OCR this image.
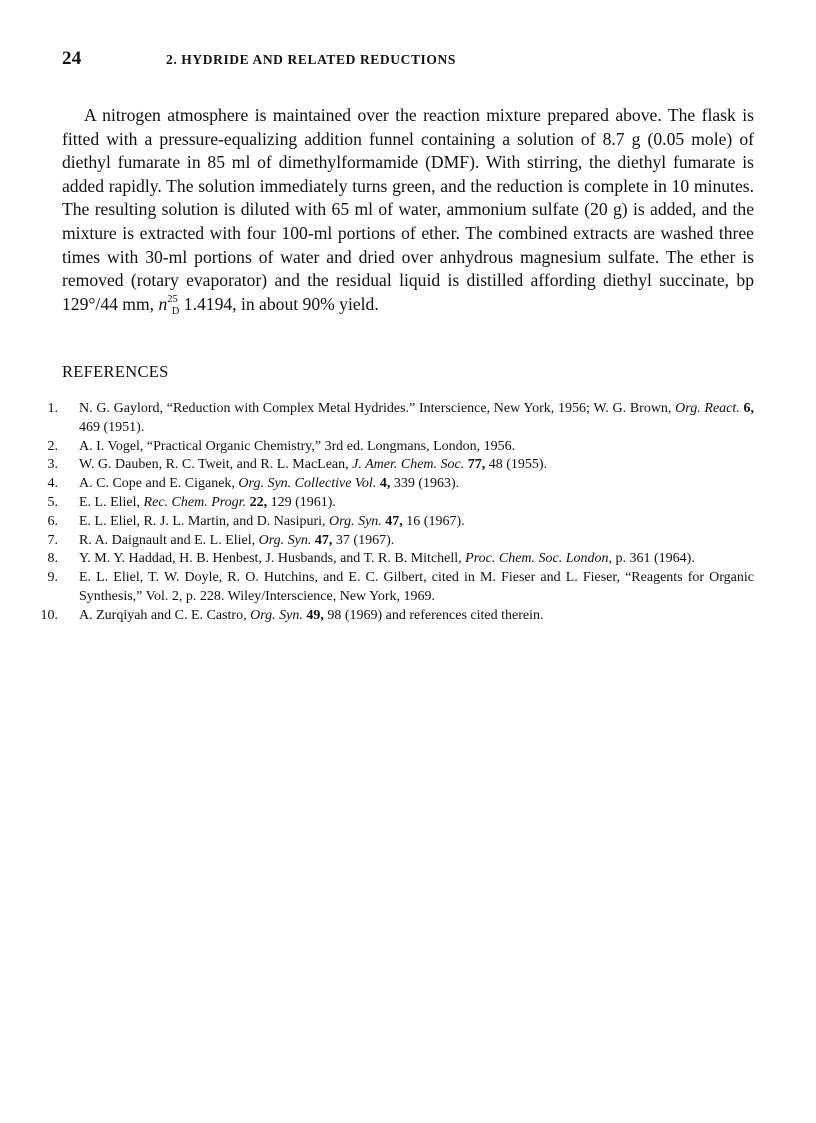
24	2. HYDRIDE AND RELATED REDUCTIONS

A nitrogen atmosphere is maintained over the reaction mixture prepared above. The flask is fitted with a pressure-equalizing addition funnel containing a solution of 8.7 g (0.05 mole) of diethyl fumarate in 85 ml of dimethylformamide (DMF). With stirring, the diethyl fumarate is added rapidly. The solution immediately turns green, and the reduction is complete in 10 minutes. The resulting solution is diluted with 65 ml of water, ammonium sulfate (20 g) is added, and the mixture is extracted with four 100-ml portions of ether. The combined extracts are washed three times with 30-ml portions of water and dried over anhydrous magnesium sulfate. The ether is removed (rotary evaporator) and the residual liquid is distilled affording diethyl succinate, bp 129°/44 mm, $n^{25}_D$ 1.4194, in about 90% yield.

REFERENCES
1 . N. G. Gaylord, “Reduction with Complex Metal Hydrides.” Interscience, New York, 1956; W. G. Brown, Org. React. 6, 469 (1951).
2 . A. I. Vogel, “Practical Organic Chemistry,” 3rd ed. Longmans, London, 1956.
3 . W. G. Dauben, R. C. Tweit, and R. L. MacLean, J. Amer. Chem. Soc. 77, 48 (1955).
4 . A. C. Cope and E. Ciganek, Org. Syn. Collective Vol. 4, 339 (1963).
5 . E. L. Eliel, Rec. Chem. Progr. 22, 129 (1961).
6 . E. L. Eliel, R. J. L. Martin, and D. Nasipuri, Org. Syn. 47, 16 (1967).
7 . R. A. Daignault and E. L. Eliel, Org. Syn. 47, 37 (1967).
8 . Y. M. Y. Haddad, H. B. Henbest, J. Husbands, and T. R. B. Mitchell, Proc. Chem. Soc. London, p. 361 (1964).
9 . E. L. Eliel, T. W. Doyle, R. O. Hutchins, and E. C. Gilbert, cited in M. Fieser and L. Fieser, “Reagents for Organic Synthesis,” Vol. 2, p. 228. Wiley/Interscience, New York, 1969.
10 . A. Zurqiyah and C. E. Castro, Org. Syn. 49, 98 (1969) and references cited therein.
